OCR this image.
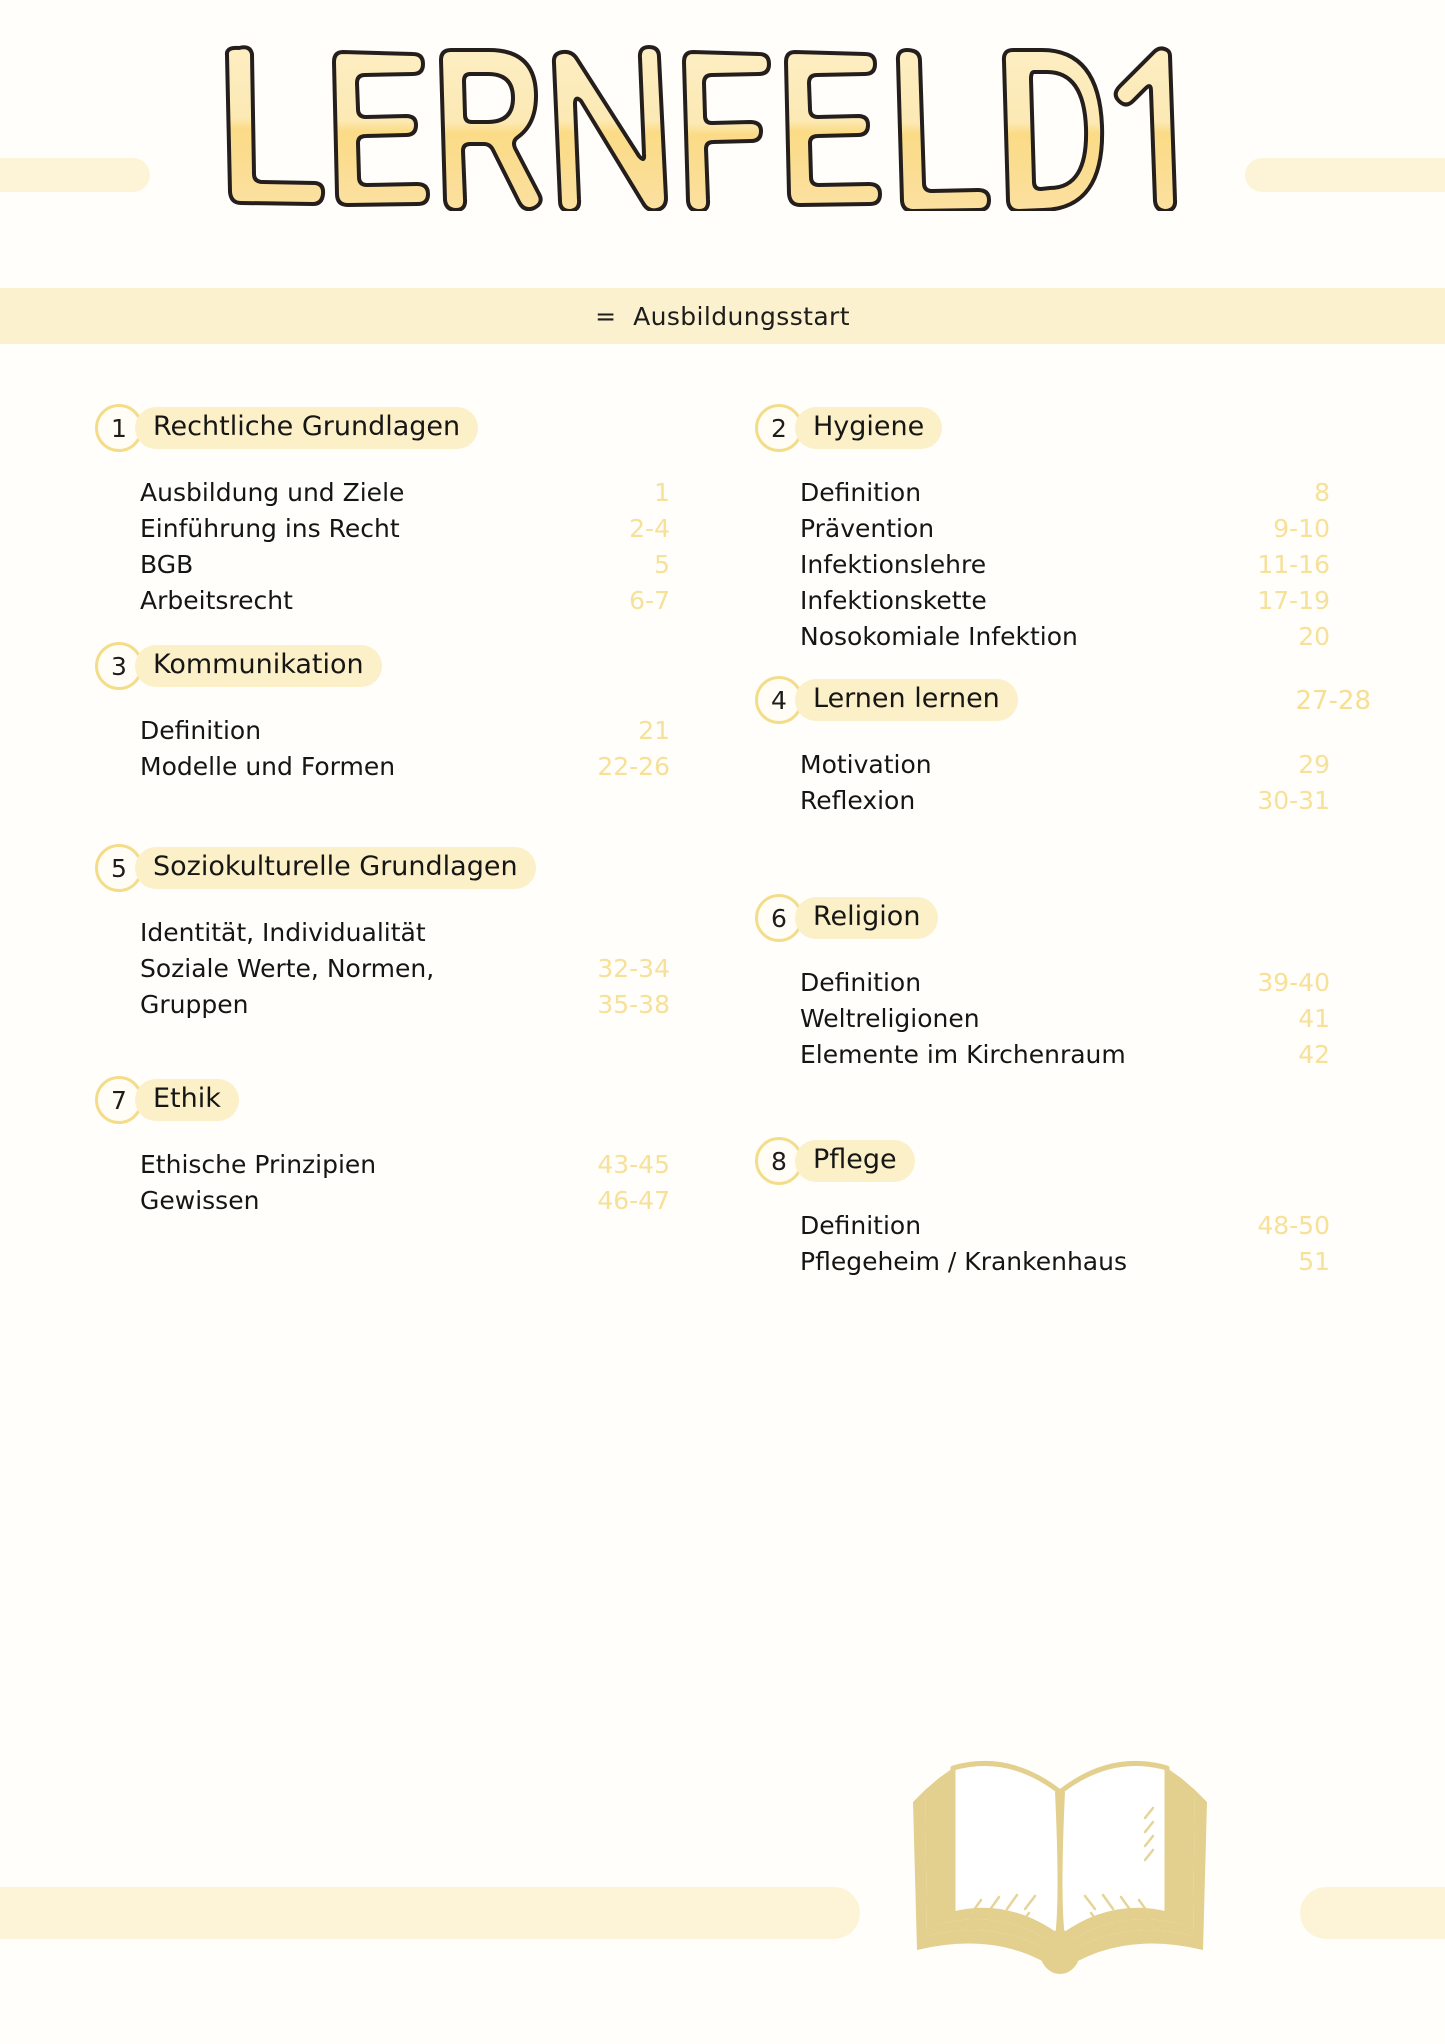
=  Ausbildungsstart
1 Rechtliche Grundlagen
Ausbildung und Ziele	1
Einführung ins Recht	2-4
BGB	5
Arbeitsrecht	6-7
3 Kommunikation
Definition	21
Modelle und Formen	22-26
5 Soziokulturelle Grundlagen
Identität, Individualität
Soziale Werte, Normen,	32-34
Gruppen	35-38
7 Ethik
Ethische Prinzipien	43-45
Gewissen	46-47
2 Hygiene
Definition	8
Prävention	9-10
Infektionslehre	11-16
Infektionskette	17-19
Nosokomiale Infektion	20
4 Lernen lernen	27-28
Motivation	29
Reflexion	30-31
6 Religion
Definition	39-40
Weltreligionen	41
Elemente im Kirchenraum	42
8 Pflege
Definition	48-50
Pflegeheim / Krankenhaus	51
